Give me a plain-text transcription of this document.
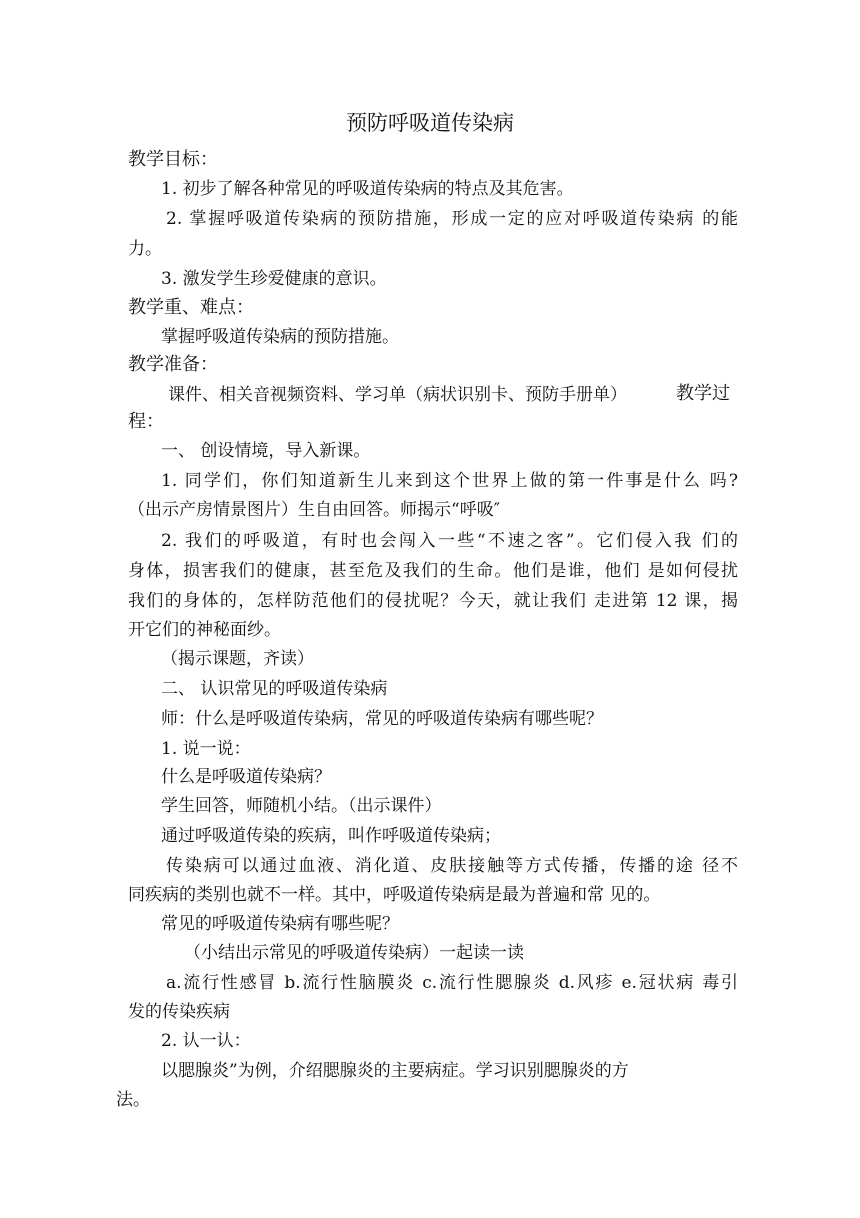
预防呼吸道传染病
教学目标：
1. 初步了解各种常见的呼吸道传染病的特点及其危害。
2. 掌握呼吸道传染病的预防措施，形成一定的应对呼吸道传染病 的能
力。
3. 激发学生珍爱健康的意识。
教学重、难点：
掌握呼吸道传染病的预防措施。
教学准备：
课件、相关音视频资料、学习单（病状识别卡、预防手册单）	教学过
程：
一、 创设情境，导入新课。
1. 同学们，你们知道新生儿来到这个世界上做的第一件事是什么 吗?
（出示产房情景图片）生自由回答。师揭示“呼吸″
2. 我们的呼吸道，有时也会闯入一些“不速之客”。它们侵入我 们的
身体，损害我们的健康，甚至危及我们的生命。他们是谁，他们 是如何侵扰
我们的身体的，怎样防范他们的侵扰呢？今天，就让我们 走进第 12 课，揭
开它们的神秘面纱。
（揭示课题，齐读）
二、 认识常见的呼吸道传染病
师：什么是呼吸道传染病，常见的呼吸道传染病有哪些呢？
1. 说一说：
什么是呼吸道传染病？
学生回答，师随机小结。（出示课件）
通过呼吸道传染的疾病，叫作呼吸道传染病；
传染病可以通过血液、消化道、皮肤接触等方式传播，传播的途 径不
同疾病的类别也就不一样。其中，呼吸道传染病是最为普遍和常 见的。
常见的呼吸道传染病有哪些呢？
（小结出示常见的呼吸道传染病）一起读一读
a.流行性感冒 b.流行性脑膜炎 c.流行性腮腺炎 d.风疹 e.冠状病 毒引
发的传染疾病
2. 认一认：
以腮腺炎”为例，介绍腮腺炎的主要病症。学习识别腮腺炎的方
法。
